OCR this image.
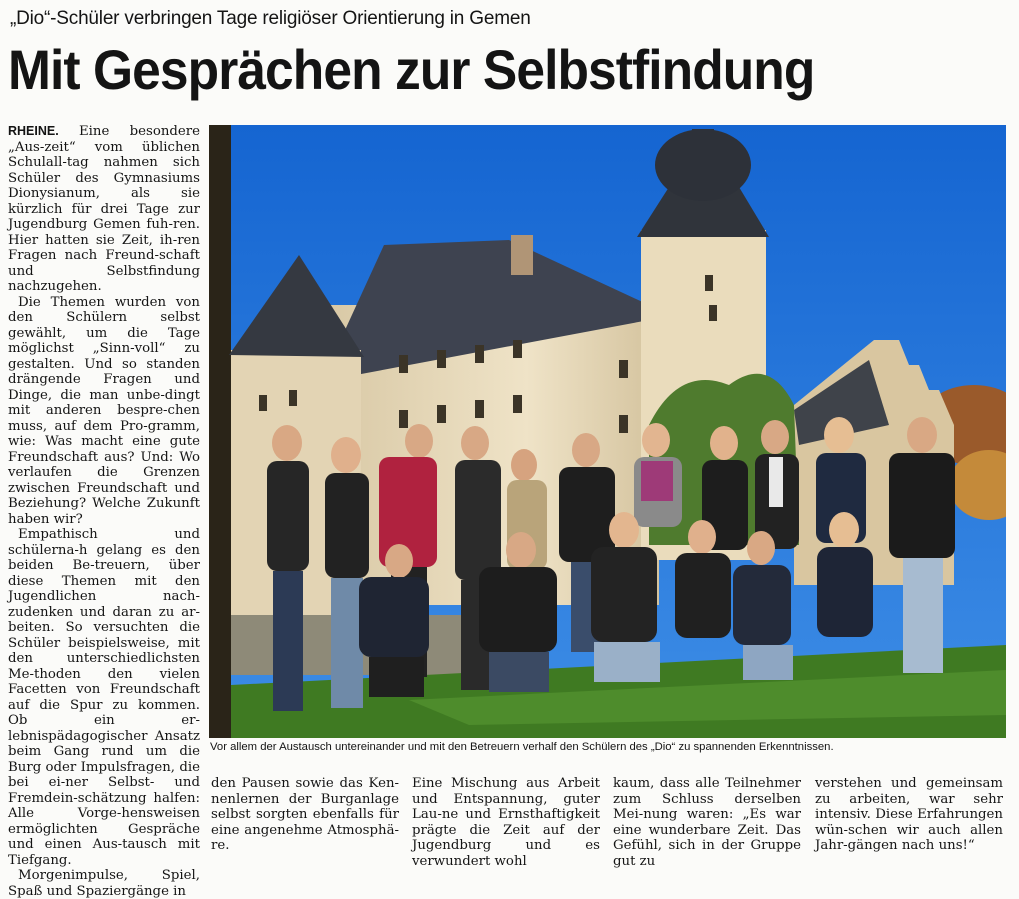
„Dio“-Schüler verbringen Tage religiöser Orientierung in Gemen
Mit Gesprächen zur Selbstfindung

RHEINE. Eine besondere „Aus-zeit“ vom üblichen Schulall-tag nahmen sich Schüler des Gymnasiums Dionysianum, als sie kürzlich für drei Tage zur Jugendburg Gemen fuh-ren. Hier hatten sie Zeit, ih-ren Fragen nach Freund-schaft und Selbstfindung nachzugehen.

Die Themen wurden von den Schülern selbst gewählt, um die Tage möglichst „Sinn-voll“ zu gestalten. Und so standen drängende Fragen und Dinge, die man unbe-dingt mit anderen bespre-chen muss, auf dem Pro-gramm, wie: Was macht eine gute Freundschaft aus? Und: Wo verlaufen die Grenzen zwischen Freundschaft und Beziehung? Welche Zukunft haben wir?

Empathisch und schülerna-h gelang es den beiden Be-treuern, über diese Themen mit den Jugendlichen nach-zudenken und daran zu ar-beiten. So versuchten die Schüler beispielsweise, mit den unterschiedlichsten Me-thoden den vielen Facetten von Freundschaft auf die Spur zu kommen. Ob ein er-lebnispädagogischer Ansatz beim Gang rund um die Burg oder Impulsfragen, die bei ei-ner Selbst- und Fremdein-schätzung halfen: Alle Vorge-hensweisen ermöglichten Gespräche und einen Aus-tausch mit Tiefgang.

Morgenimpulse, Spiel, Spaß und Spaziergänge in

Vor allem der Austausch untereinander und mit den Betreuern verhalf den Schülern des „Dio“ zu spannenden Erkenntnissen.

den Pausen sowie das Ken-nenlernen der Burganlage selbst sorgten ebenfalls für eine angenehme Atmosphä-re.

Eine Mischung aus Arbeit und Entspannung, guter Lau-ne und Ernsthaftigkeit prägte die Zeit auf der Jugendburg und es verwundert wohl

kaum, dass alle Teilnehmer zum Schluss derselben Mei-nung waren: „Es war eine wunderbare Zeit. Das Gefühl, sich in der Gruppe gut zu

verstehen und gemeinsam zu arbeiten, war sehr intensiv. Diese Erfahrungen wün-schen wir auch allen Jahr-gängen nach uns!“
